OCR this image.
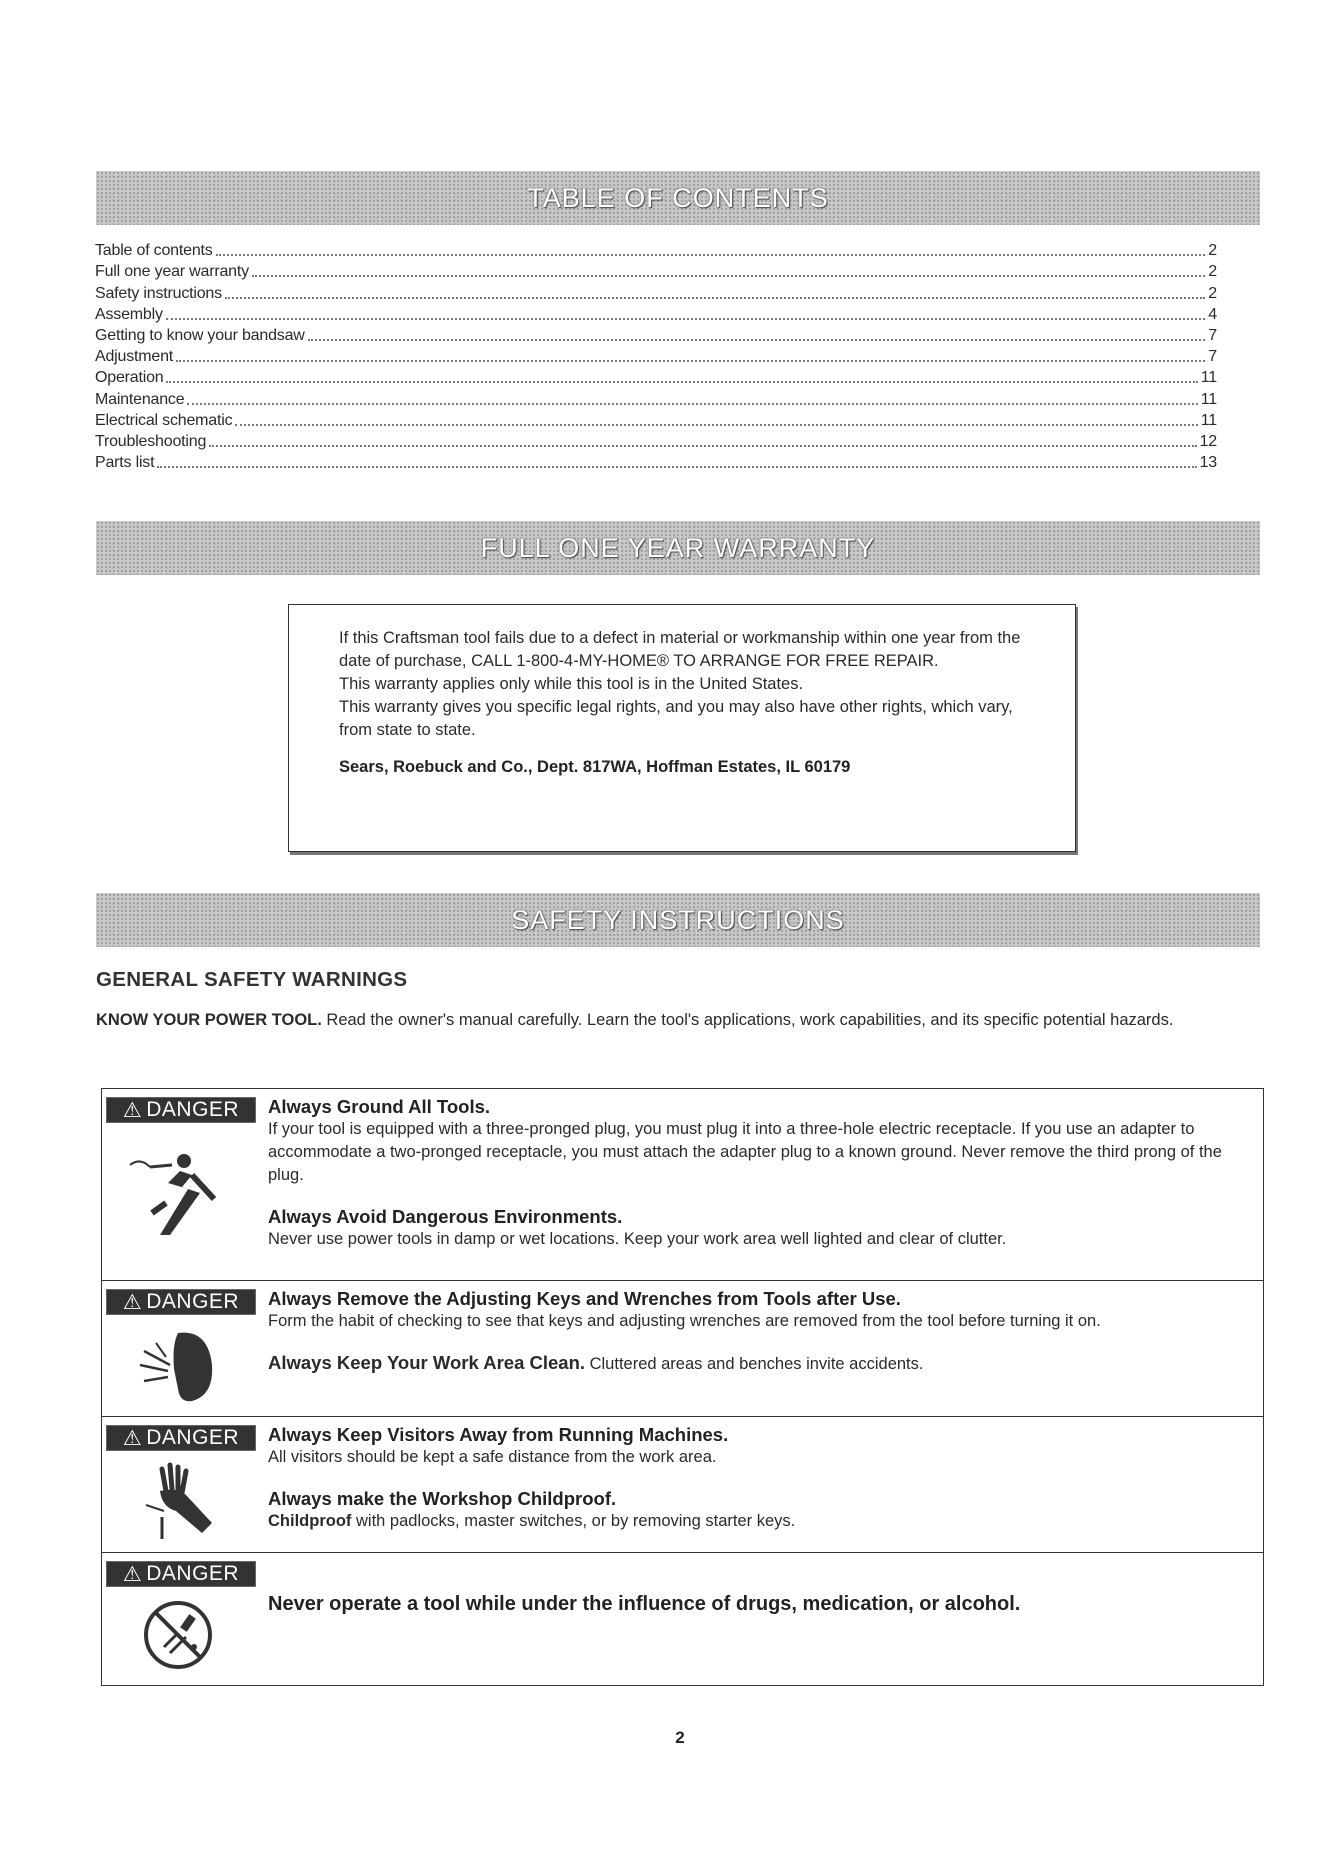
TABLE OF CONTENTS
Table of contents	2
Full one year warranty	2
Safety instructions	2
Assembly	4
Getting to know your bandsaw	7
Adjustment	7
Operation	11
Maintenance	11
Electrical schematic	11
Troubleshooting	12
Parts list	13
FULL ONE YEAR WARRANTY

If this Craftsman tool fails due to a defect in material or workmanship within one year from the date of purchase, CALL 1-800-4-MY-HOME® TO ARRANGE FOR FREE REPAIR.

This warranty applies only while this tool is in the United States.

This warranty gives you specific legal rights, and you may also have other rights, which vary, from state to state.

Sears, Roebuck and Co., Dept. 817WA, Hoffman Estates, IL 60179

SAFETY INSTRUCTIONS
GENERAL SAFETY WARNINGS

KNOW YOUR POWER TOOL. Read the owner's manual carefully. Learn the tool's applications, work capabilities, and its specific potential hazards.

⚠ DANGER Always Ground All Tools.

If your tool is equipped with a three-pronged plug, you must plug it into a three-hole electric receptacle. If you use an adapter to accommodate a two-pronged receptacle, you must attach the adapter plug to a known ground. Never remove the third prong of the plug.

Always Avoid Dangerous Environments.

Never use power tools in damp or wet locations. Keep your work area well lighted and clear of clutter.

⚠ DANGER Always Remove the Adjusting Keys and Wrenches from Tools after Use.

Form the habit of checking to see that keys and adjusting wrenches are removed from the tool before turning it on.

Always Keep Your Work Area Clean. Cluttered areas and benches invite accidents.

⚠ DANGER Always Keep Visitors Away from Running Machines.

All visitors should be kept a safe distance from the work area.

Always make the Workshop Childproof.

Childproof with padlocks, master switches, or by removing starter keys.

⚠ DANGER

Never operate a tool while under the influence of drugs, medication, or alcohol.

2
